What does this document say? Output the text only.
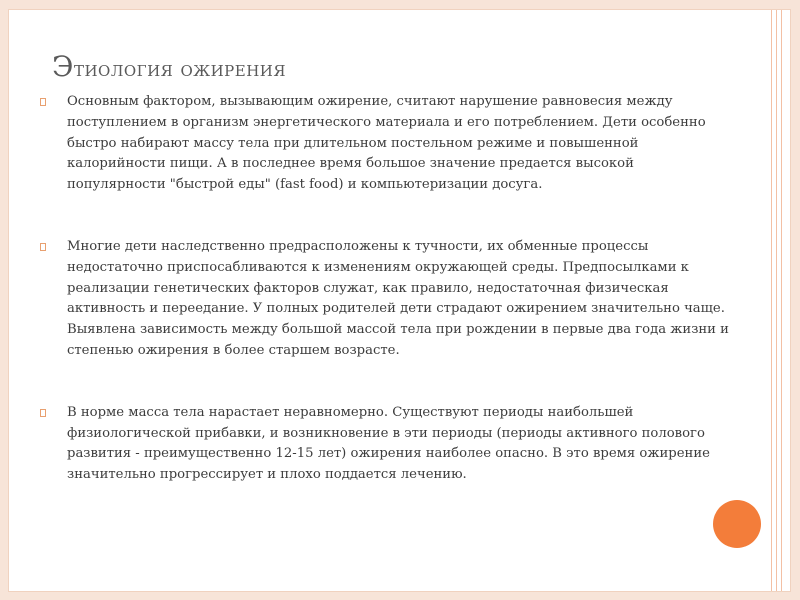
Этиология ожирения
Основным фактором, вызывающим ожирение, считают нарушение равновесия между поступлением в организм энергетического материала и его потреблением. Дети особенно быстро набирают массу тела при длительном постельном режиме и повышенной калорийности пищи. А в последнее время большое значение предается высокой популярности "быстрой еды" (fast food) и компьютеризации досуга.
Многие дети наследственно предрасположены к тучности, их обменные процессы недостаточно приспосабливаются к изменениям окружающей среды. Предпосылками к реализации генетических факторов служат, как правило, недостаточная физическая активность и переедание. У полных родителей дети страдают ожирением значительно чаще. Выявлена зависимость между большой массой тела при рождении в первые два года жизни и степенью ожирения в более старшем возрасте.
В норме масса тела нарастает неравномерно. Существуют периоды наибольшей физиологической прибавки, и возникновение в эти периоды (периоды активного полового развития - преимущественно 12-15 лет) ожирения наиболее опасно. В это время ожирение значительно прогрессирует и плохо поддается лечению.
